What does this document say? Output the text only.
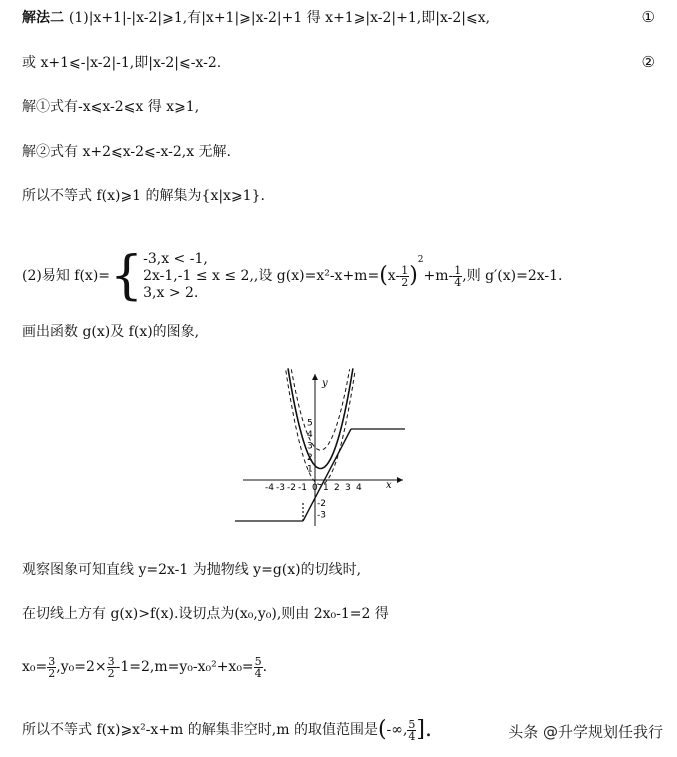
解法二 (1)|x+1|-|x-2|⩾1,有|x+1|⩾|x-2|+1 得 x+1⩾|x-2|+1,即|x-2|⩽x,	①
或 x+1⩽-|x-2|-1,即|x-2|⩽-x-2.	②
解①式有-x⩽x-2⩽x 得 x⩾1,
解②式有 x+2⩽x-2⩽-x-2,x 无解.
所以不等式 f(x)⩾1 的解集为{x|x⩾1}.
(2)易知 f(x)={ -3,x < -1,
2x-1,-1 ≤ x ≤ 2,
3,x > 2.
,设 $g(x)=x^2-x+m=(x- \frac{1}{2} )^2+m- \frac{1}{4}$ ,则 g′(x)=2x-1.
画出函数 g(x)及 f(x)的图象,
x
y
-4 -3 -2 -1 0 1 2 3 4
1
2
3
4
5
-2
-3
观察图象可知直线 y=2x-1 为抛物线 y=g(x)的切线时,
在切线上方有 g(x)>f(x).设切点为(x₀,y₀),则由 2x₀-1=2 得
$x_0= \frac{3}{2} ,y_0=2\times \frac{3}{2} -1=2,m=y_0-x_0^2+x_0= \frac{5}{4}$ .
所以不等式 f(x)⩾x²-x+m 的解集非空时,m 的取值范围是(-∞, $\frac{5}{4}$ ].	头条 @升学规划任我行
